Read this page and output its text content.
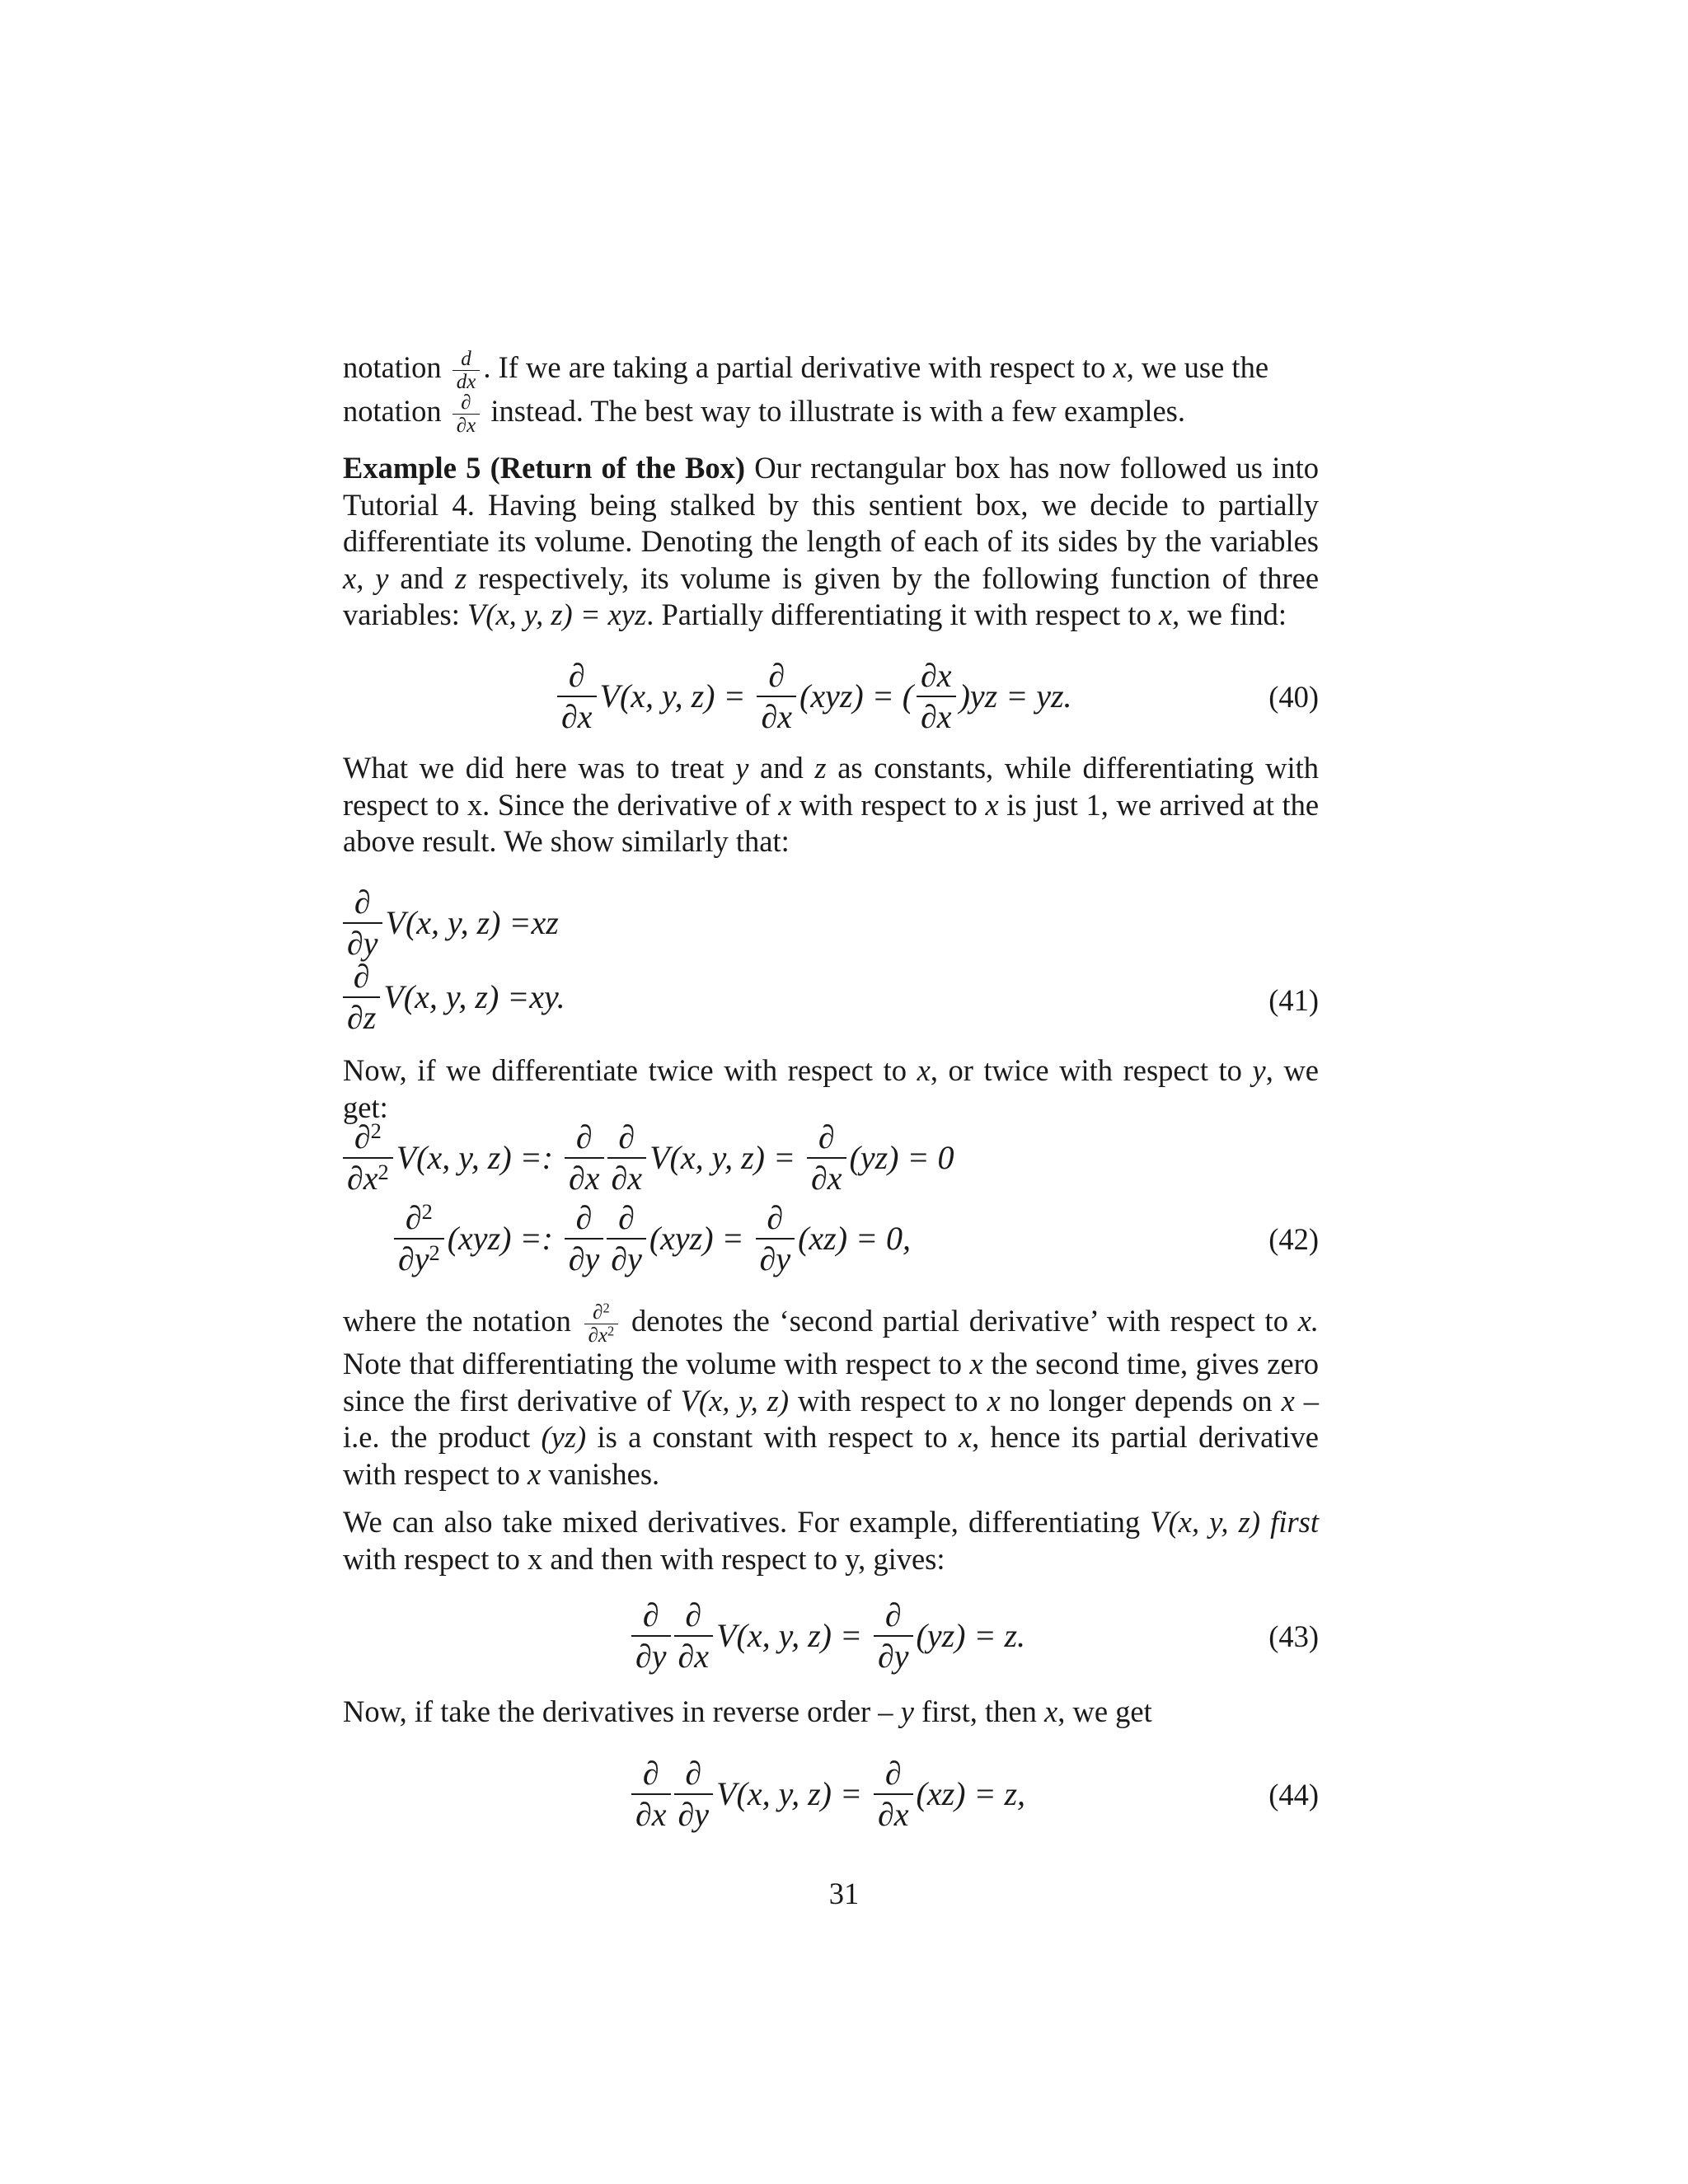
notation $\frac{d}{dx}$ . If we are taking a partial derivative with respect to x, we use the
notation ∂
∂x instead. The best way to illustrate is with a few examples.

Example 5 (Return of the Box) Our rectangular box has now followed us into Tutorial 4. Having being stalked by this sentient box, we decide to partially differentiate its volume. Denoting the length of each of its sides by the variables x, y and z respectively, its volume is given by the following function of three variables: V(x, y, z) = xyz. Partially differentiating it with respect to x, we find:

∂
∂x
V(x, y, z) =
∂
∂x
(xyz) = ( $\frac{\partial x}{\partial x} )yz$ = yz.	(40)

What we did here was to treat y and z as constants, while differentiating with respect to x. Since the derivative of x with respect to x is just 1, we arrived at the above result. We show similarly that:

∂
∂y
V(x, y, z) =xz
∂
∂z
V(x, y, z) =xy.	(41)

Now, if we differentiate twice with respect to x, or twice with respect to y, we get:

$\frac{\partial^2}{\partial x^2} V(x$, y, z) =:
∂
∂x
∂
∂x
V(x, y, z) =
∂
∂x
(yz) = 0
$\frac{\partial^2}{\partial y^2} (xyz)$ =:
∂
∂y
∂
∂y
(xyz) =
∂
∂y
(xz) = 0,	(42)

where the notation $\frac{\partial^2}{\partial x^2}$ denotes the ‘second partial derivative’ with respect to x. Note that differentiating the volume with respect to x the second time, gives zero since the first derivative of V(x, y, z) with respect to x no longer depends on x – i.e. the product (yz) is a constant with respect to x, hence its partial derivative with respect to x vanishes.

We can also take mixed derivatives. For example, differentiating V(x, y, z) first with respect to x and then with respect to y, gives:

∂
∂y
∂
∂x
V(x, y, z) =
∂
∂y
(yz) = z.	(43)

Now, if take the derivatives in reverse order – y first, then x, we get

∂
∂x
∂
∂y
V(x, y, z) =
∂
∂x
(xz) = z,	(44)
31
